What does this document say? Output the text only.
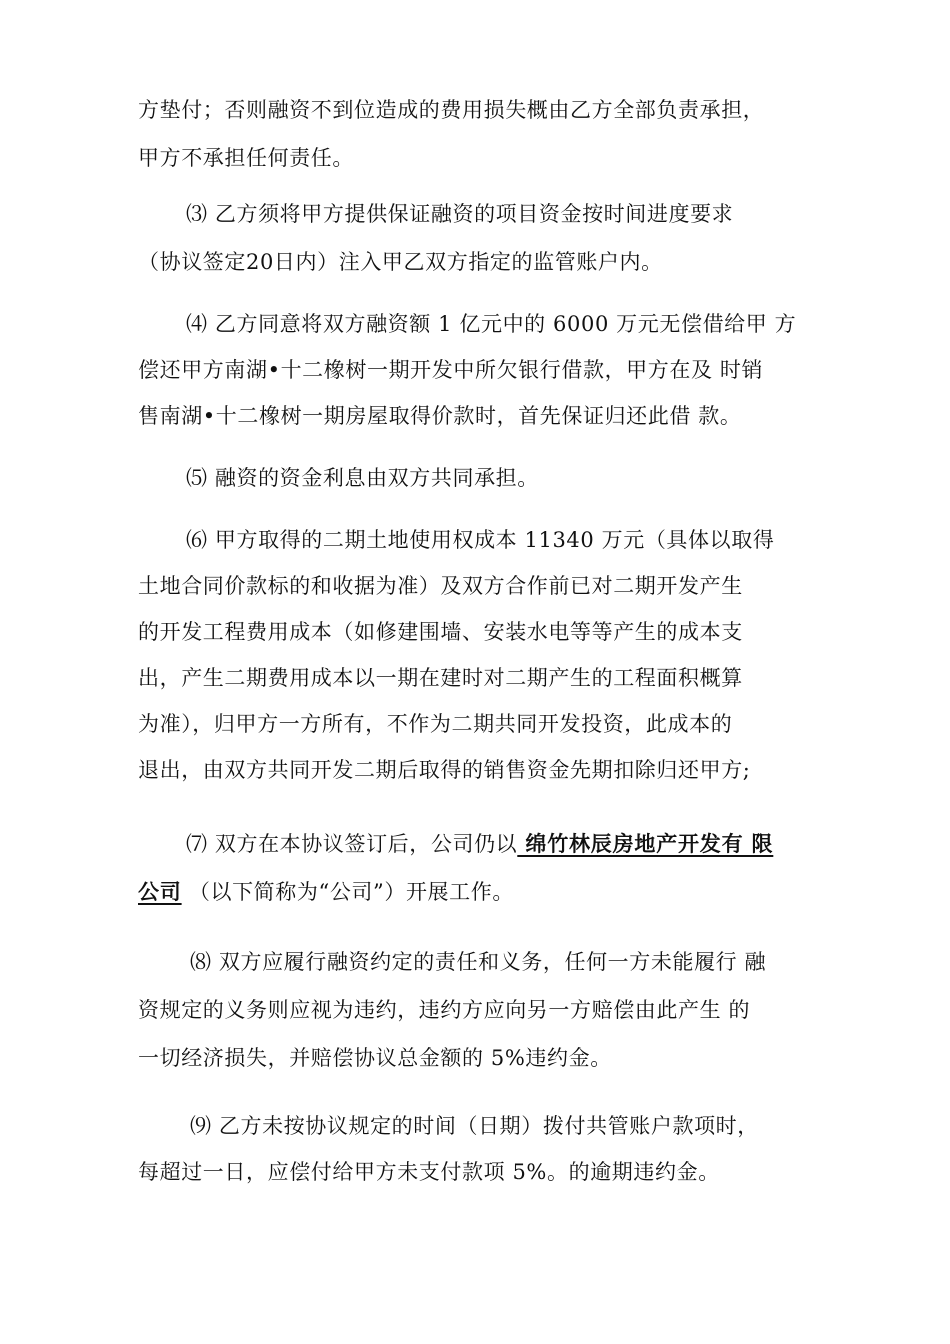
方垫付；否则融资不到位造成的费用损失概由乙方全部负责承担，
甲方不承担任何责任。
⑶ 乙方须将甲方提供保证融资的项目资金按时间进度要求
（协议签定20日内）注入甲乙双方指定的监管账户内。
⑷ 乙方同意将双方融资额 1 亿元中的 6000 万元无偿借给甲 方
偿还甲方南湖•十二橡树一期开发中所欠银行借款，甲方在及 时销
售南湖•十二橡树一期房屋取得价款时，首先保证归还此借 款。
⑸ 融资的资金利息由双方共同承担。
⑹ 甲方取得的二期土地使用权成本 11340 万元（具体以取得
土地合同价款标的和收据为准）及双方合作前已对二期开发产生
的开发工程费用成本（如修建围墙、安装水电等等产生的成本支
出，产生二期费用成本以一期在建时对二期产生的工程面积概算
为准），归甲方一方所有，不作为二期共同开发投资，此成本的
退出，由双方共同开发二期后取得的销售资金先期扣除归还甲方;
⑺ 双方在本协议签订后，公司仍以 绵竹林辰房地产开发有 限
公司 （以下简称为“公司”）开展工作。
⑻ 双方应履行融资约定的责任和义务，任何一方未能履行 融
资规定的义务则应视为违约，违约方应向另一方赔偿由此产生 的
一切经济损失，并赔偿协议总金额的 5%违约金。
⑼ 乙方未按协议规定的时间（日期）拨付共管账户款项时，
每超过一日，应偿付给甲方未支付款项 5%。的逾期违约金。
